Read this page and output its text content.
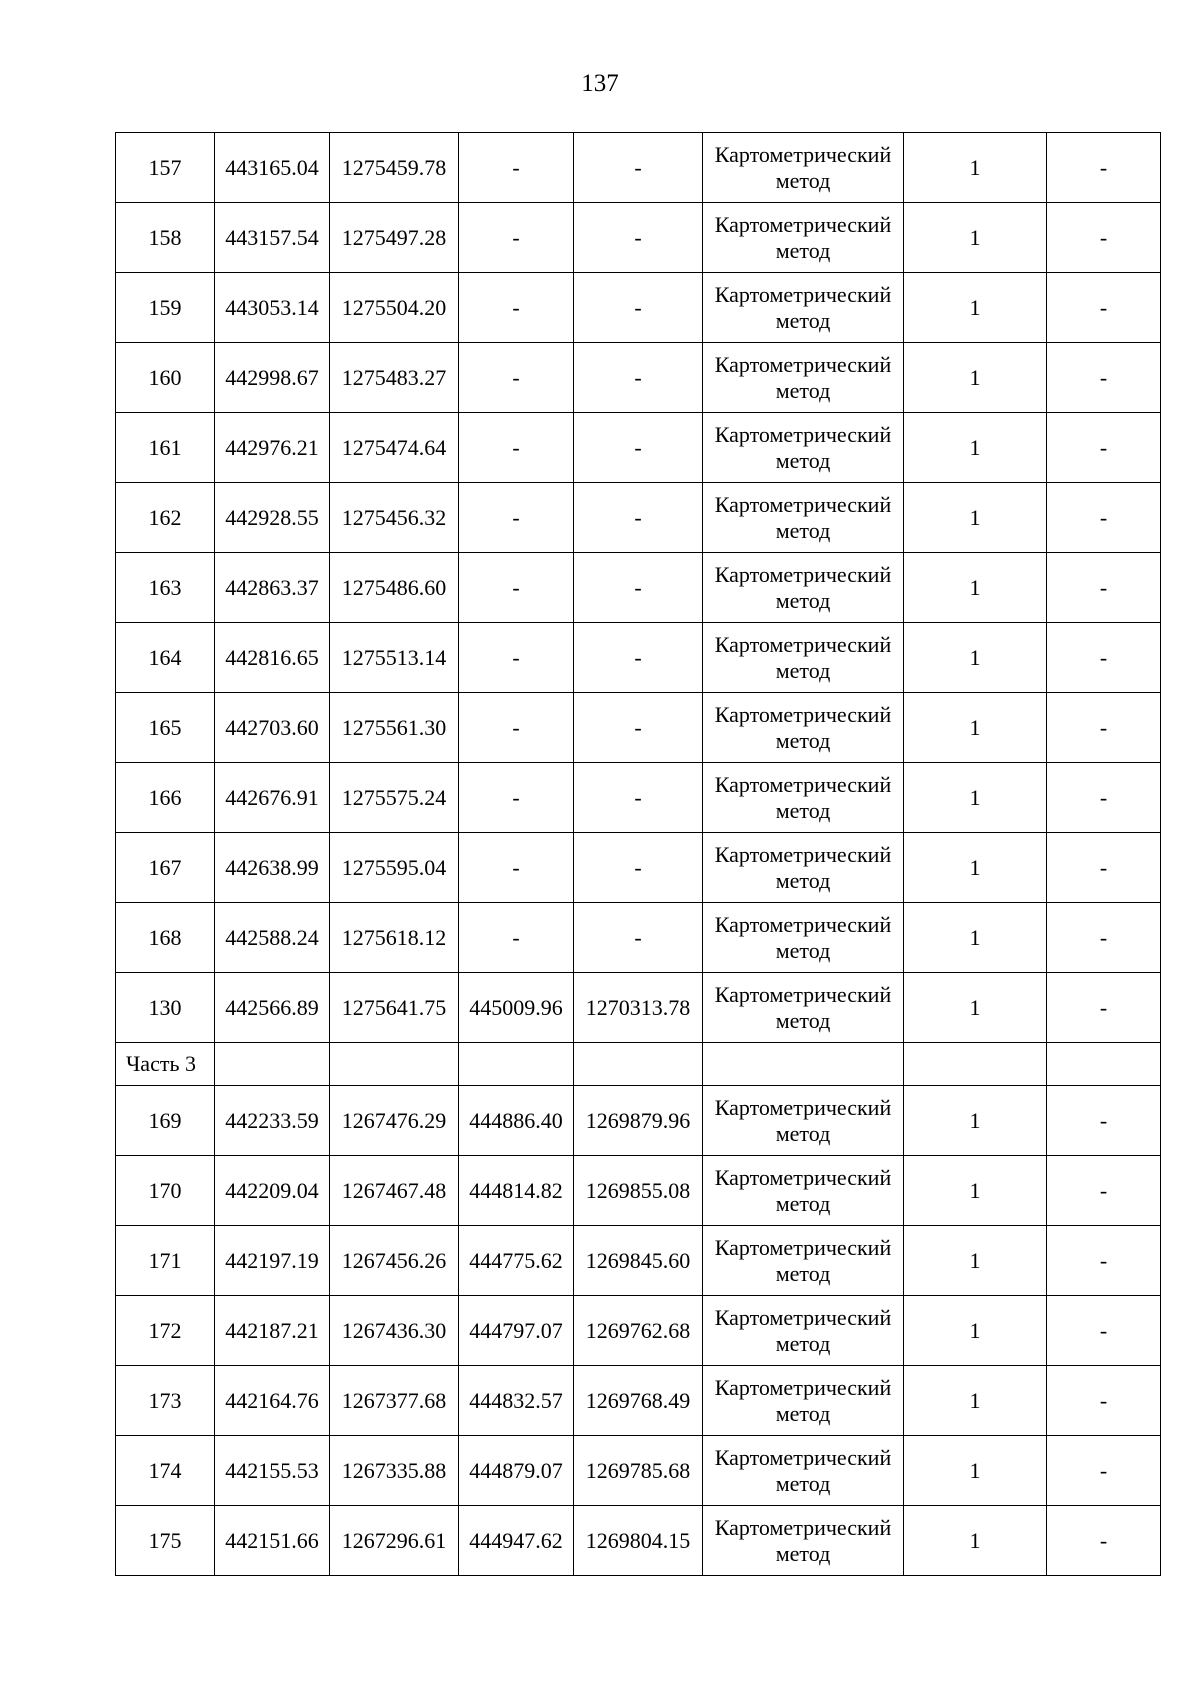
137
157	443165.04	1275459.78	-	-	Картометрический метод	1	-
158	443157.54	1275497.28	-	-	Картометрический метод	1	-
159	443053.14	1275504.20	-	-	Картометрический метод	1	-
160	442998.67	1275483.27	-	-	Картометрический метод	1	-
161	442976.21	1275474.64	-	-	Картометрический метод	1	-
162	442928.55	1275456.32	-	-	Картометрический метод	1	-
163	442863.37	1275486.60	-	-	Картометрический метод	1	-
164	442816.65	1275513.14	-	-	Картометрический метод	1	-
165	442703.60	1275561.30	-	-	Картометрический метод	1	-
166	442676.91	1275575.24	-	-	Картометрический метод	1	-
167	442638.99	1275595.04	-	-	Картометрический метод	1	-
168	442588.24	1275618.12	-	-	Картометрический метод	1	-
130	442566.89	1275641.75	445009.96	1270313.78	Картометрический метод	1	-
Часть 3							
169	442233.59	1267476.29	444886.40	1269879.96	Картометрический метод	1	-
170	442209.04	1267467.48	444814.82	1269855.08	Картометрический метод	1	-
171	442197.19	1267456.26	444775.62	1269845.60	Картометрический метод	1	-
172	442187.21	1267436.30	444797.07	1269762.68	Картометрический метод	1	-
173	442164.76	1267377.68	444832.57	1269768.49	Картометрический метод	1	-
174	442155.53	1267335.88	444879.07	1269785.68	Картометрический метод	1	-
175	442151.66	1267296.61	444947.62	1269804.15	Картометрический метод	1	-
